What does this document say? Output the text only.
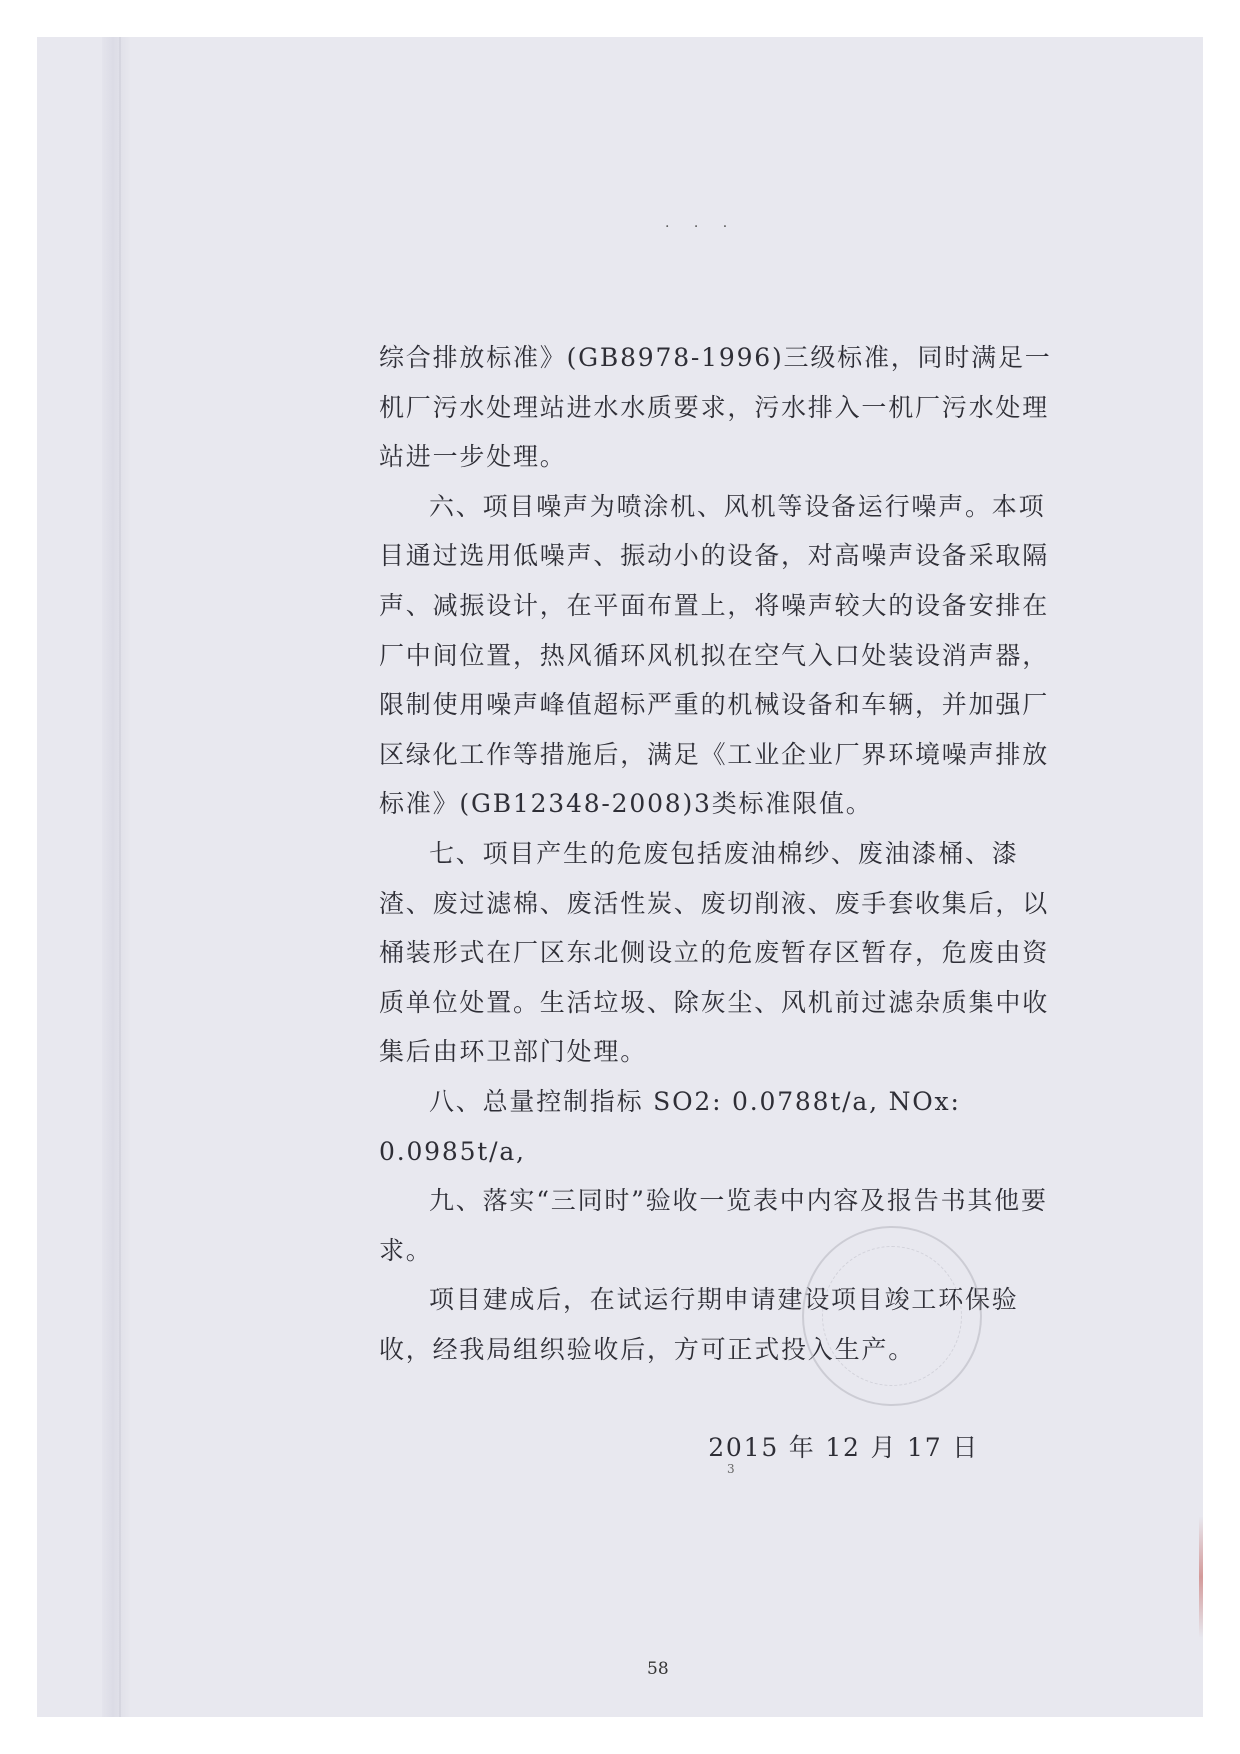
· · ·

综合排放标准》(GB8978-1996)三级标准，同时满足一机厂污水处理站进水水质要求，污水排入一机厂污水处理站进一步处理。

六、项目噪声为喷涂机、风机等设备运行噪声。本项目通过选用低噪声、振动小的设备，对高噪声设备采取隔声、减振设计，在平面布置上，将噪声较大的设备安排在厂中间位置，热风循环风机拟在空气入口处装设消声器，限制使用噪声峰值超标严重的机械设备和车辆，并加强厂区绿化工作等措施后，满足《工业企业厂界环境噪声排放标准》(GB12348-2008)3类标准限值。

七、项目产生的危废包括废油棉纱、废油漆桶、漆渣、废过滤棉、废活性炭、废切削液、废手套收集后，以桶装形式在厂区东北侧设立的危废暂存区暂存，危废由资质单位处置。生活垃圾、除灰尘、风机前过滤杂质集中收集后由环卫部门处理。

八、总量控制指标 SO2: 0.0788t/a, NOx: 0.0985t/a,

九、落实“三同时”验收一览表中内容及报告书其他要求。

项目建成后，在试运行期申请建设项目竣工环保验收，经我局组织验收后，方可正式投入生产。

2015 年 12 月 17 日

3
58
